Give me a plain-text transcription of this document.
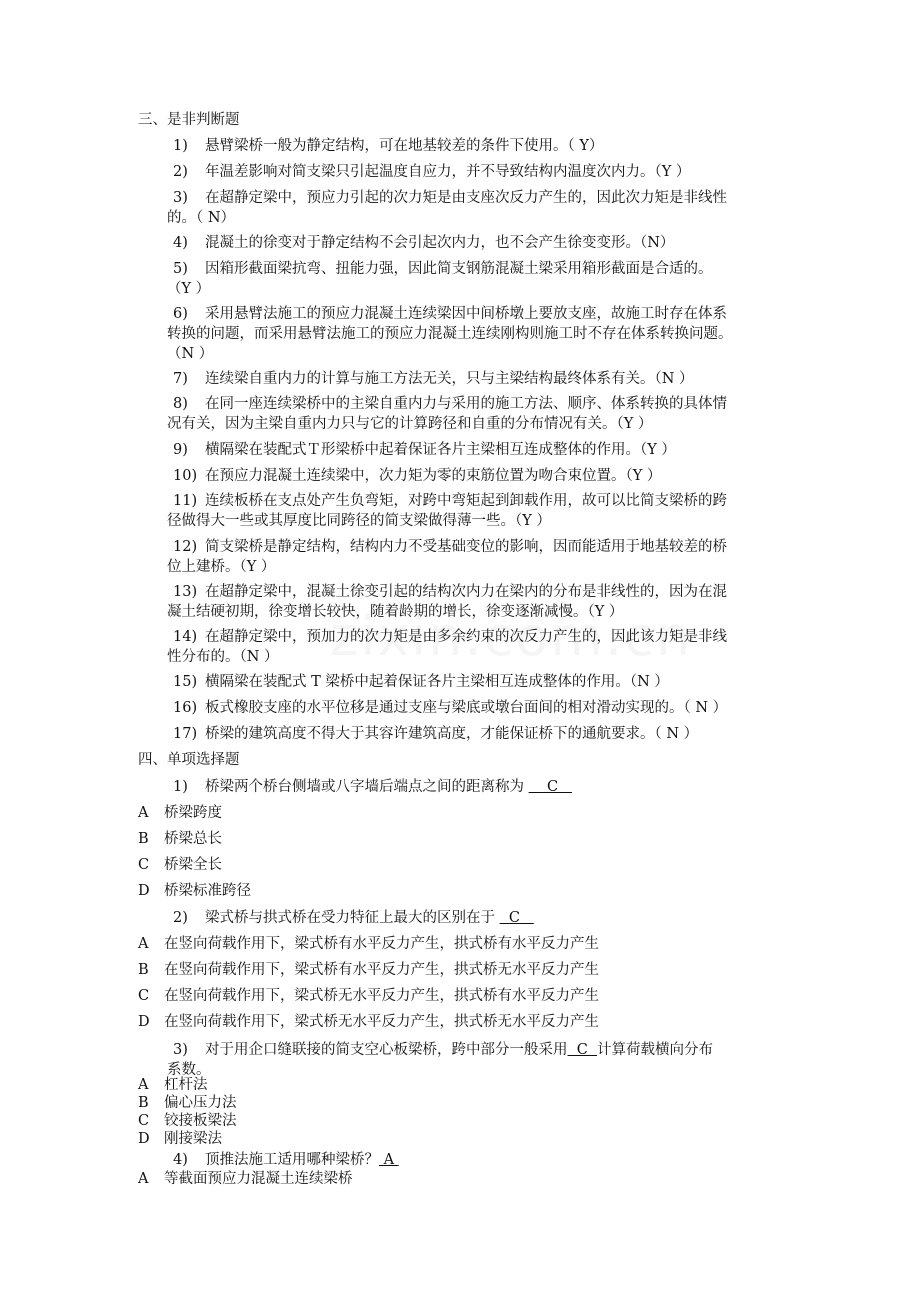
三、是非判断题
1) 悬臂梁桥一般为静定结构，可在地基较差的条件下使用。（ Y）
2) 年温差影响对简支梁只引起温度自应力，并不导致结构内温度次内力。（Y ）
3) 在超静定梁中，预应力引起的次力矩是由支座次反力产生的，因此次力矩是非线性
的。（ N）
4) 混凝土的徐变对于静定结构不会引起次内力，也不会产生徐变变形。（N）
5) 因箱形截面梁抗弯、扭能力强，因此简支钢筋混凝土梁采用箱形截面是合适的。
（Y ）
6) 采用悬臂法施工的预应力混凝土连续梁因中间桥墩上要放支座，故施工时存在体系
转换的问题，而采用悬臂法施工的预应力混凝土连续刚构则施工时不存在体系转换问题。
（N ）
7) 连续梁自重内力的计算与施工方法无关，只与主梁结构最终体系有关。（N ）
8) 在同一座连续梁桥中的主梁自重内力与采用的施工方法、顺序、体系转换的具体情
况有关，因为主梁自重内力只与它的计算跨径和自重的分布情况有关。（Y ）
9) 横隔梁在装配式Ｔ形梁桥中起着保证各片主梁相互连成整体的作用。（Y ）
10) 在预应力混凝土连续梁中，次力矩为零的束筋位置为吻合束位置。（Y ）
11) 连续板桥在支点处产生负弯矩，对跨中弯矩起到卸载作用，故可以比简支梁桥的跨
径做得大一些或其厚度比同跨径的简支梁做得薄一些。（Y ）
12) 简支梁桥是静定结构，结构内力不受基础变位的影响，因而能适用于地基较差的桥
位上建桥。（Y ）
13) 在超静定梁中，混凝土徐变引起的结构次内力在梁内的分布是非线性的，因为在混
凝土结硬初期，徐变增长较快，随着龄期的增长，徐变逐渐减慢。（Y ）
14) 在超静定梁中，预加力的次力矩是由多余约束的次反力产生的，因此该力矩是非线
性分布的。（N ）
15) 横隔梁在装配式 T 梁桥中起着保证各片主梁相互连成整体的作用。（N ）
16) 板式橡胶支座的水平位移是通过支座与梁底或墩台面间的相对滑动实现的。（ N ）
17) 桥梁的建筑高度不得大于其容许建筑高度，才能保证桥下的通航要求。（ N ）
四、单项选择题
1) 桥梁两个桥台侧墙或八字墙后端点之间的距离称为     C
A 桥梁跨度
B 桥梁总长
C 桥梁全长
D 桥梁标准跨径
2) 梁式桥与拱式桥在受力特征上最大的区别在于   C
A 在竖向荷载作用下，梁式桥有水平反力产生，拱式桥有水平反力产生
B 在竖向荷载作用下，梁式桥有水平反力产生，拱式桥无水平反力产生
C 在竖向荷载作用下，梁式桥无水平反力产生，拱式桥有水平反力产生
D 在竖向荷载作用下，梁式桥无水平反力产生，拱式桥无水平反力产生
3) 对于用企口缝联接的简支空心板梁桥，跨中部分一般采用  C  计算荷载横向分布
系数。
A 杠杆法
B 偏心压力法
C 铰接板梁法
D 刚接梁法
4) 顶推法施工适用哪种梁桥？ A
A 等截面预应力混凝土连续梁桥
